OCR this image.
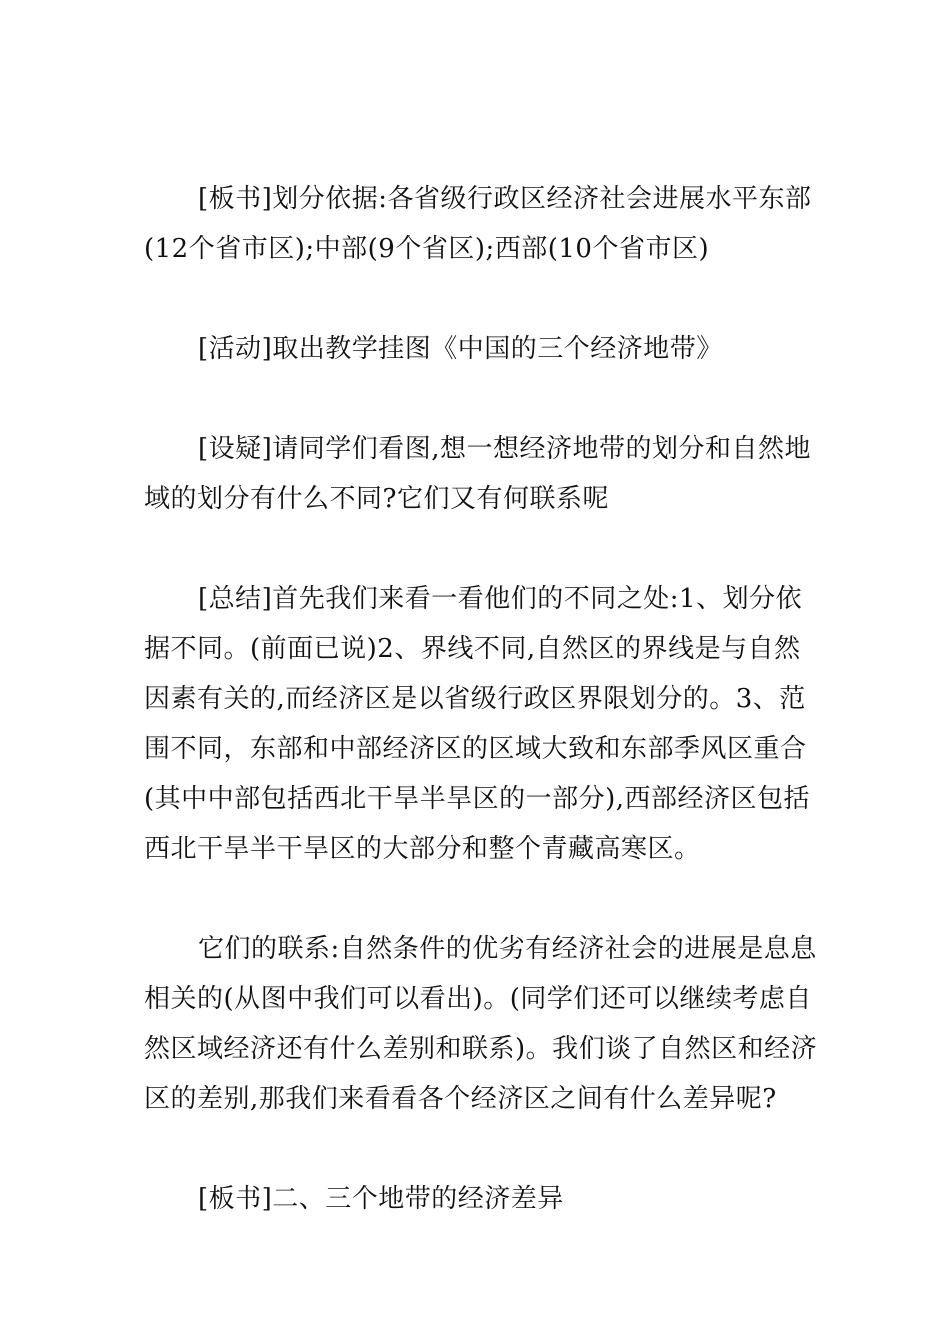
[板书]划分依据:各省级行政区经济社会进展水平东部

(12个省市区);中部(9个省区);西部(10个省市区)

[活动]取出教学挂图《中国的三个经济地带》

[设疑]请同学们看图,想一想经济地带的划分和自然地

域的划分有什么不同?它们又有何联系呢

[总结]首先我们来看一看他们的不同之处:1、划分依

据不同。(前面已说)2、界线不同,自然区的界线是与自然

因素有关的,而经济区是以省级行政区界限划分的。3、范

围不同，东部和中部经济区的区域大致和东部季风区重合

(其中中部包括西北干旱半旱区的一部分),西部经济区包括

西北干旱半干旱区的大部分和整个青藏高寒区。

它们的联系:自然条件的优劣有经济社会的进展是息息

相关的(从图中我们可以看出)。(同学们还可以继续考虑自

然区域经济还有什么差别和联系)。我们谈了自然区和经济

区的差别,那我们来看看各个经济区之间有什么差异呢?

[板书]二、三个地带的经济差异
